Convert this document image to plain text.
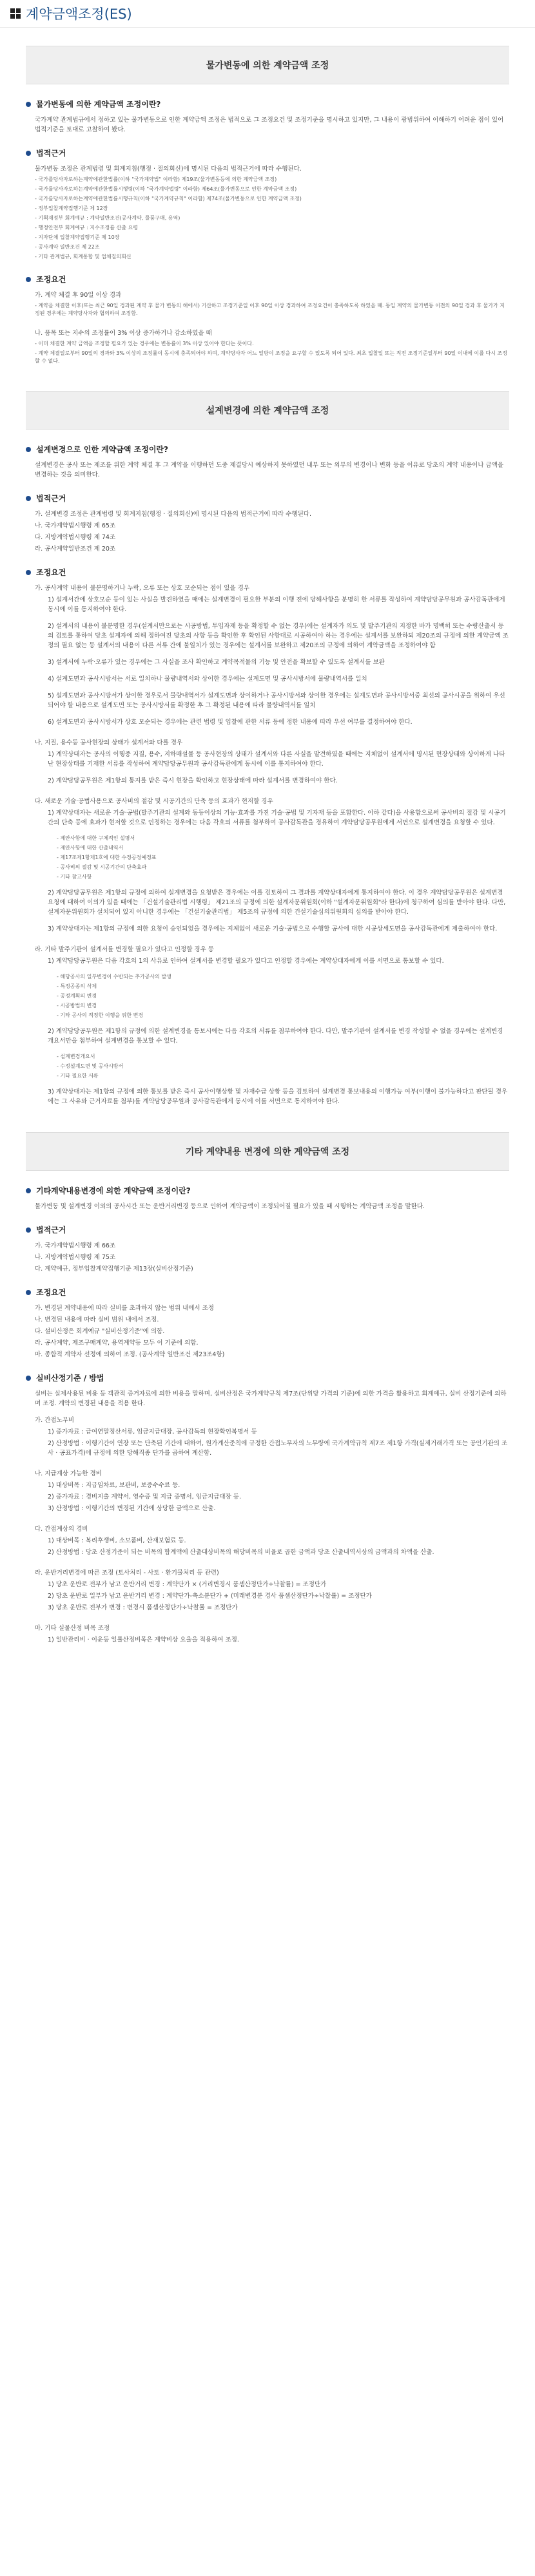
계약금액조정(ES)
물가변동에 의한 계약금액 조정
물가변동에 의한 계약금액 조정이란?

국가계약 관계법규에서 정하고 있는 물가변동으로 인한 계약금액 조정은 법적으로 그 조정요건 및 조정기준을 명시하고 있지만, 그 내용이 광범위하여 이해하기 어려운 점이 있어 법적기준을 토대로 고찰하여 봤다.

법적근거

물가변동 조정은 관계법령 및 회계지침(행정 · 절의회신)에 명시된 다음의 법적근거에 따라 수행된다.

- 국가를당사자로하는계약에관한법률(이하 "국가계약법" 이라함) 제19조(물가변동등에 의한 계약금액 조정)
- 국가를당사자로하는계약에관한법률시행령(이하 "국가계약법령" 이라함) 제64조(물가변동으로 인한 계약금액 조정)
- 국가를당사자로하는계약에관한법률시행규칙(이하 "국가계약규칙" 이라함) 제74조(물가변동으로 인한 계약금액 조정)
- 정부입찰계약집행기준 제 12장
- 기획재정부 회계예규 : 계약일반조건(공사계약, 물품구매, 용역)
- 행정안전부 회계예규 : 지수조정률 산출 요령
- 지자단체 입찰계약집행기준 제 10장
- 공사계약 일반조건 제 22조
- 기타 관계법규, 회계통합 및 업체질의회신
조정요건
가. 계약 체결 후 90일 이상 경과
- 계약을 체결한 이후(또는 최근 90일 경과된 계약 후 물가 변동의 해에서) 기산하고 조정기준일 이후 90일 이상 경과하여 조정요건이 충족하도록 하였을 때. 동일 계약의 물가변동 이전의 90일 경과 후 물가가 지정된 경우에는 계약당사자와 협의하여 조정함.
나. 품목 또는 지수의 조정률이 3% 이상 증가하거나 감소하였을 때
- 이미 체결한 계약 금액을 조정할 필요가 있는 경우에는 변동률이 3% 이상 있어야 한다는 뜻이다.
- 계약 체결일로부터 90일의 경과와 3% 이상의 조정률이 동시에 충족되어야 하며, 계약당사자 어느 일방이 조정을 요구할 수 있도록 되어 있다. 최초 입찰일 또는 직전 조정기준일부터 90일 이내에 이를 다시 조정할 수 없다.
설계변경에 의한 계약금액 조정
설계변경으로 인한 계약금액 조정이란?

설계변경은 공사 또는 제조를 위한 계약 체결 후 그 계약을 이행하던 도중 제결당시 예상하지 못하였던 내부 또는 외부의 변경이나 변화 등을 이유로 당초의 계약 내용이나 금액을 변경하는 것을 의미한다.

법적근거
가. 설계변경 조정은 관계법령 및 회계지침(행정 · 질의회신)에 명시된 다음의 법적근거에 따라 수행된다.
나. 국가계약법시행령 제 65조
다. 지방계약법시행령 제 74조
라. 공사계약일반조건 제 20조
조정요건
가. 공사계약 내용이 불분명하거나 누락, 오류 또는 상호 모순되는 점이 있을 경우
1) 설계서간에 상호모순 등이 있는 사실을 발견하였을 때에는 설계변경이 필요한 부분의 이행 전에 당해사항을 분명히 한 서류를 작성하여 계약담당공무원과 공사감독관에게 동시에 이를 통지하여야 한다.
2) 설계서의 내용이 불분명한 경우(설계서만으로는 시공방법, 투입자재 등을 확정할 수 없는 경우)에는 설계자가 의도 및 발주기관의 지정한 바가 명백히 또는 수량산출서 등의 검토를 통하여 당초 설계자에 의해 정하여진 당초의 사항 등을 확인한 후 확인된 사항대로 시공하여야 하는 경우에는 설계서를 보완하되 제20조의 규정에 의한 계약금액 조정의 필요 없는 등 설계서의 내용이 다른 서류 간에 불일치가 있는 경우에는 설계서를 보완하고 제20조의 규정에 의하여 계약금액을 조정하여야 함
3) 설계서에 누락·오류가 있는 경우에는 그 사실을 조사 확인하고 계약목적물의 기능 및 안전을 확보할 수 있도록 설계서를 보완
4) 설계도면과 공사시방서는 서로 일치하나 물량내역서와 상이한 경우에는 설계도면 및 공사시방서에 물량내역서를 일치
5) 설계도면과 공사시방서가 상이한 경우로서 물량내역서가 설계도면과 상이하거나 공사시방서와 상이한 경우에는 설계도면과 공사시방서중 최선의 공사시공을 위하여 우선되어야 할 내용으로 설계도면 또는 공사시방서를 확정한 후 그 확정된 내용에 따라 물량내역서를 일치
6) 설계도면과 공사시방서가 상호 모순되는 경우에는 관련 법령 및 입찰에 관한 서류 등에 정한 내용에 따라 우선 여부를 결정하여야 한다.
나. 지질, 용수등 공사현장의 상태가 설계서와 다를 경우
1) 계약상대자는 공사의 이행중 지질, 용수, 지하매설물 등 공사현장의 상태가 설계서와 다른 사실을 발견하였을 때에는 지체없이 설계서에 명시된 현장상태와 상이하게 나타난 현장상태를 기재한 서류를 작성하여 계약담당공무원과 공사감독관에게 동시에 이를 통지하여야 한다.
2) 계약담당공무원은 제1항의 통지를 받은 즉시 현장을 확인하고 현장상태에 따라 설계서를 변경하여야 한다.
다. 새로운 기술·공법사용으로 공사비의 절감 및 시공기간의 단축 등의 효과가 현저할 경우
1) 계약상대자는 새로운 기술·공법(발주기관의 설계와 동등이상의 기능·효과를 가진 기술·공법 및 기자재 등을 포함한다. 이하 같다)을 사용함으로써 공사비의 절감 및 시공기간의 단축 등에 효과가 현저할 것으로 인정하는 경우에는 다음 각호의 서류를 첨부하여 공사감독관을 경유하여 계약담당공무원에게 서면으로 설계변경을 요청할 수 있다.
- 제안사항에 대한 구체적인 설명서
- 제안사항에 대한 산출내역서
- 제17조제1항제1호에 대한 수정공정예정표
- 공사비의 절감 및 시공기간의 단축효과
- 기타 참고사항
2) 계약담당공무원은 제1항의 규정에 의하여 설계변경을 요청받은 경우에는 이를 검토하여 그 결과를 계약상대자에게 통지하여야 한다. 이 경우 계약담당공무원은 설계변경 요청에 대하여 이의가 있을 때에는 「건설기술관리법 시행령」 제21조의 규정에 의한 설계자문위원회(이하 "설계자문위원회"라 한다)에 청구하여 심의를 받아야 한다. 다만, 설계자문위원회가 설치되어 있지 아니한 경우에는 「건설기술관리법」 제5조의 규정에 의한 건설기술심의위원회의 심의를 받아야 한다.
3) 계약상대자는 제1항의 규정에 의한 요청이 승인되었을 경우에는 지체없이 새로운 기술·공법으로 수행할 공사에 대한 시공상세도면을 공사감독관에게 제출하여야 한다.
라. 기타 발주기관이 설계서를 변경할 필요가 있다고 인정할 경우 등
1) 계약담당공무원은 다음 각호의 1의 사유로 인하여 설계서를 변경할 필요가 있다고 인정할 경우에는 계약상대자에게 이를 서면으로 통보할 수 있다.
- 해당공사의 일부변경이 수반되는 추가공사의 발생
- 특정공종의 삭제
- 공정계획의 변경
- 시공방법의 변경
- 기타 공사의 적정한 이행을 위한 변경
2) 계약담당공무원은 제1항의 규정에 의한 설계변경을 통보시에는 다음 각호의 서류를 첨부하여야 한다. 다만, 발주기관이 설계서를 변경 작성할 수 없을 경우에는 설계변경 개요서만을 첨부하여 설계변경을 통보할 수 있다.
- 설계변경개요서
- 수정설계도면 및 공사시방서
- 기타 필요한 서류
3) 계약상대자는 제1항의 규정에 의한 통보를 받은 즉시 공사이행상황 및 자재수급 상황 등을 검토하여 설계변경 통보내용의 이행가능 여부(이행이 불가능하다고 판단될 경우에는 그 사유와 근거자료를 첨부)를 계약담당공무원과 공사감독관에게 동시에 이를 서면으로 통지하여야 한다.
기타 계약내용 변경에 의한 계약금액 조정
기타계약내용변경에 의한 계약금액 조정이란?

물가변동 및 설계변경 이외의 공사시간 또는 운반거리변경 등으로 인하여 계약금액이 조정되어질 필요가 있을 때 시행하는 계약금액 조정을 말한다.

법적근거
가. 국가계약법시행령 제 66조
나. 지방계약법시행령 제 75조
다. 계약예규, 정부입찰계약집행기준 제13장(실비산정기준)
조정요건
가. 변경된 계약내용에 따라 실비를 초과하지 않는 범위 내에서 조정
나. 변경된 내용에 따라 실비 범위 내에서 조정.
다. 설비산정은 회계예규 "실비산정기준"에 의함.
라. 공사계약, 제조구매계약, 용역계약등 모두 이 기준에 의함.
마. 종합적 계약자 선정에 의하여 조정. (공사계약 일반조건 제23조4항)
실비산정기준 / 방법

실비는 실제사용된 비용 등 객관적 증거자료에 의한 비용을 말하며, 실비산정은 국가계약규칙 제7조(단위당 가격의 기준)에 의한 가격을 활용하고 회계예규, 실비 산정기준에 의하며 조정. 계약의 변경된 내용을 적용 한다.

가. 간접노무비
1) 증가자료 : 급여연말정산서류, 임금지급대장, 공사감독의 현장확인복명서 등
2) 산정방법 : 이행기간이 연장 또는 단축된 기간에 대하여, 원가계산준칙에 규정한 간접노무자의 노무량에 국가계약규칙 제7조 제1항 가격(실제거래가격 또는 공인기관의 조사 · 공표가격)에 규정에 의한 당해직종 단가를 곱하여 계산함.
나. 지급계상 가능한 경비
1) 대상비목 : 지급임차료, 보관비, 보증수수료 등.
2) 증가자료 : 경비지출 계약서, 영수증 및 지급 증명서, 임금지급대장 등.
3) 산정방법 : 이행기간의 변경된 기간에 상당한 금액으로 산출.
다. 간접계상의 경비
1) 대상비목 : 복리후생비, 소모품비, 산재보험료 등.
2) 산정방법 : 당초 산정기준이 되는 비목의 합계액에 산출대상비목의 해당비목의 비율로 곱한 금액과 당초 산출내역서상의 금액과의 차액을 산출.
라. 운반거리변경에 따른 조정 (토사처리 - 사토 · 환기물처리 등 관련)
1) 당초 운반로 전부가 남고 운반거리 변경 : 계약단가 × (거리변경시 품셈산정단가÷낙찰률) = 조정단가
2) 당초 운반로 일부가 남고 운반거리 변경 : 계약단가-축소분단가 + (미래변경분 경사 품셈산정단가÷낙찰률) = 조정단가
3) 당초 운반로 전부가 변경 : 변경시 품셈산정단가÷낙찰률 = 조정단가
마. 기타 실물산정 비목 조정
1) 일반관리비 · 이윤등 일률산정비목은 계약비상 요율을 적용하여 조정.
